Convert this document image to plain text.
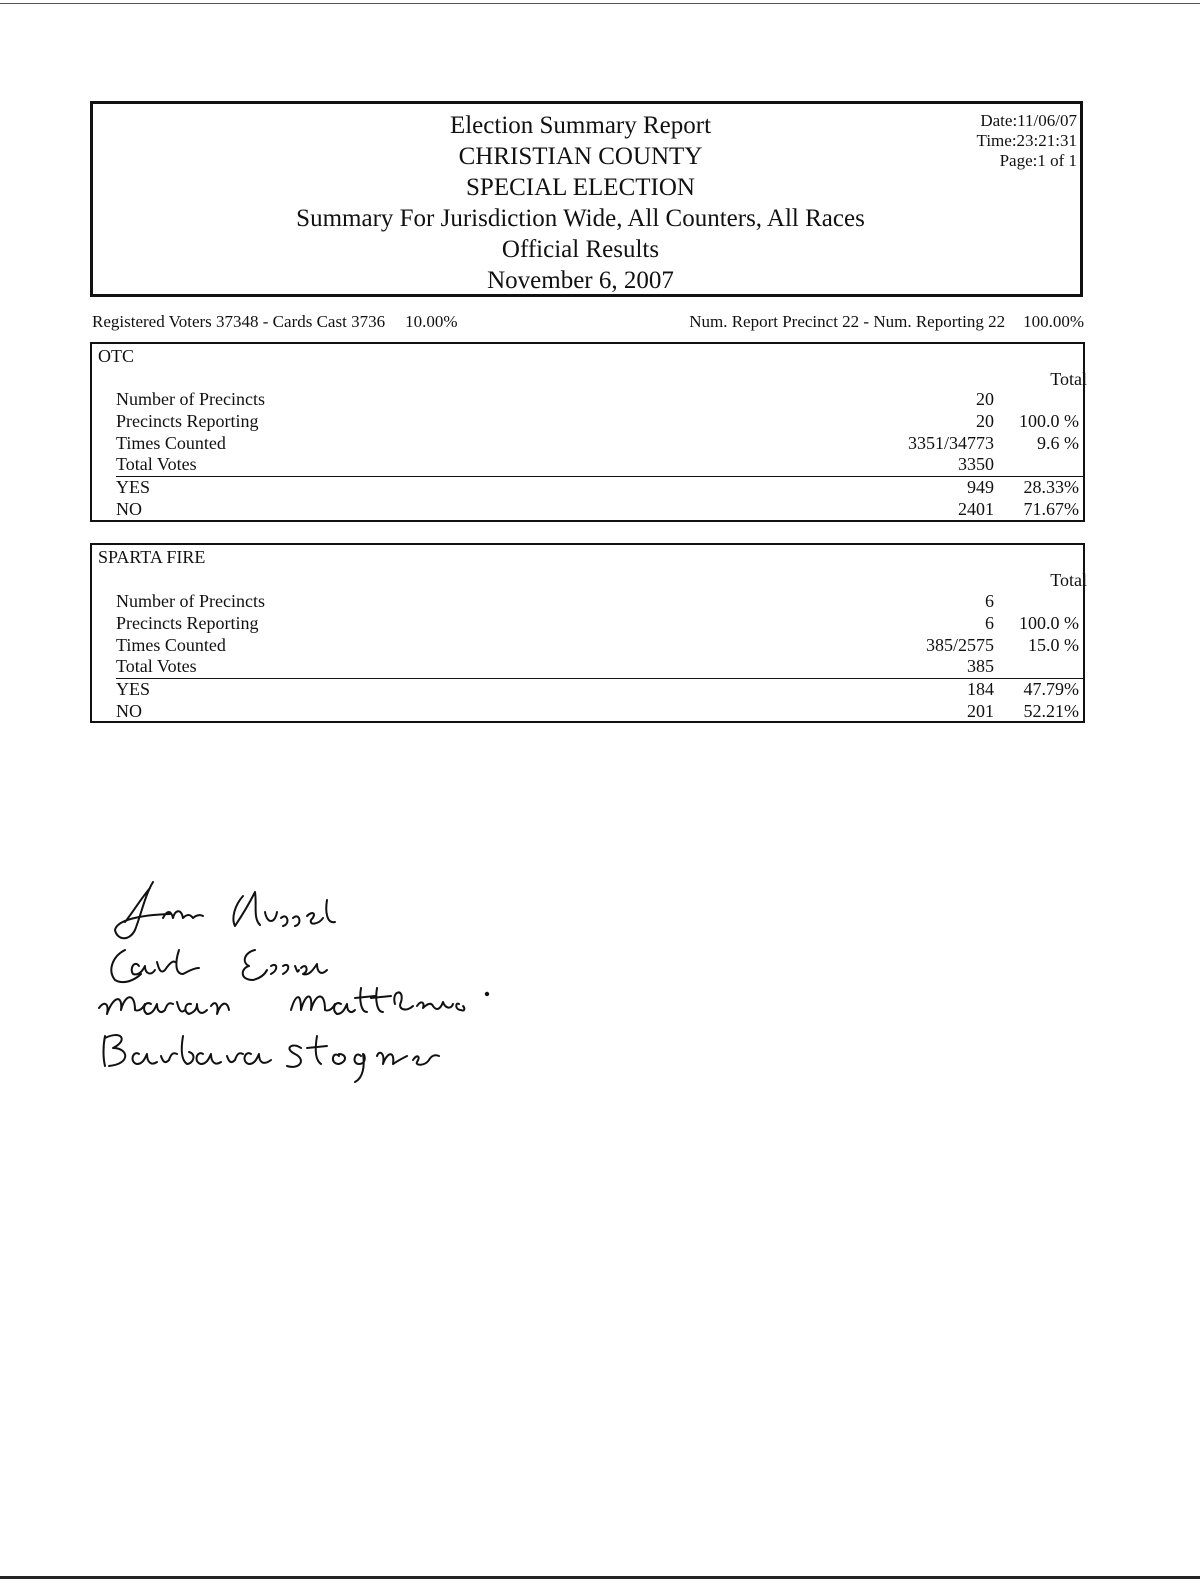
Election Summary Report
CHRISTIAN COUNTY
SPECIAL ELECTION
Summary For Jurisdiction Wide, All Counters, All Races
Official Results
November 6, 2007
Date:11/06/07
Time:23:21:31
Page:1 of 1
Registered Voters 37348 - Cards Cast 3736 10.00%	Num. Report Precinct 22 - Num. Reporting 22 100.00%
OTC
Total
Number of Precincts	20
Precincts Reporting	20 100.0 %
Times Counted	3351/34773 9.6 %
Total Votes	3350
YES	949 28.33%
NO	2401 71.67%
SPARTA FIRE
Total
Number of Precincts	6
Precincts Reporting	6 100.0 %
Times Counted	385/2575 15.0 %
Total Votes	385
YES	184 47.79%
NO	201 52.21%
